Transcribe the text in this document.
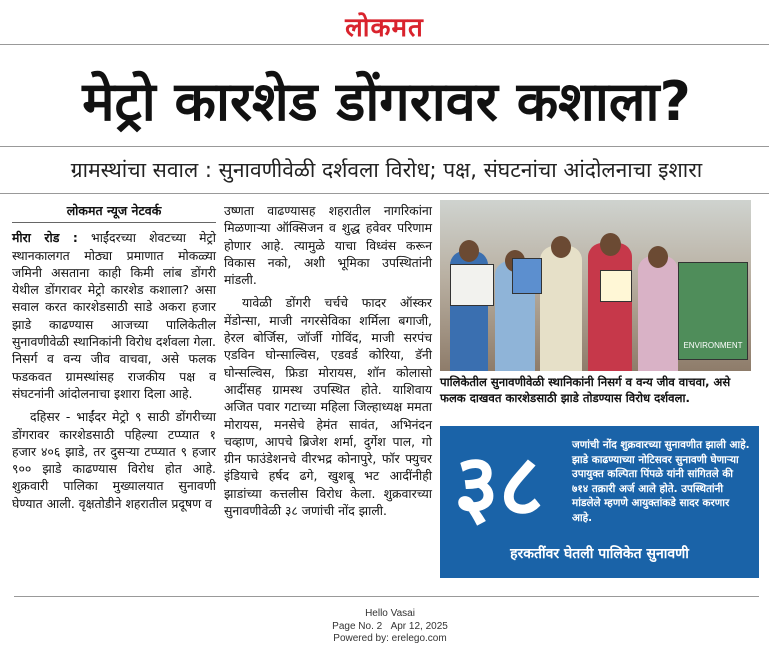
लोकमत
मेट्रो कारशेड डोंगरावर कशाला?
ग्रामस्थांचा सवाल : सुनावणीवेळी दर्शवला विरोध; पक्ष, संघटनांचा आंदोलनाचा इशारा
लोकमत न्यूज नेटवर्क

मीरा रोड : भाईंदरच्या शेवटच्या मेट्रो स्थानकालगत मोठ्या प्रमाणात मोकळ्या जमिनी असताना काही किमी लांब डोंगरी येथील डोंगरावर मेट्रो कारशेड कशाला? असा सवाल करत कारशेडसाठी साडे अकरा हजार झाडे काढण्यास आजच्या पालिकेतील सुनावणीवेळी स्थानिकांनी विरोध दर्शवला गेला. निसर्ग व वन्य जीव वाचवा, असे फलक फडकवत ग्रामस्थांसह राजकीय पक्ष व संघटनांनी आंदोलनाचा इशारा दिला आहे.

दहिसर - भाईंदर मेट्रो ९ साठी डोंगरीच्या डोंगरावर कारशेडसाठी पहिल्या टप्प्यात १ हजार ४०६ झाडे, तर दुसऱ्या टप्प्यात ९ हजार ९०० झाडे काढण्यास विरोध होत आहे. शुक्रवारी पालिका मुख्यालयात सुनावणी घेण्यात आली. वृक्षतोडीने शहरातील प्रदूषण व

उष्णता वाढण्यासह शहरातील नागरिकांना मिळणाऱ्या ऑक्सिजन व शुद्ध हवेवर परिणाम होणार आहे. त्यामुळे याचा विध्वंस करून विकास नको, अशी भूमिका उपस्थितांनी मांडली.

यावेळी डोंगरी चर्चचे फादर ऑस्कर मेंडोन्सा, माजी नगरसेविका शर्मिला बगाजी, हेरल बोर्जिस, जॉर्जी गोविंद, माजी सरपंच एडविन घोन्साल्विस, एडवर्ड कोरिया, डॅनी घोन्सल्विस, फ्रिडा मोरायस, शॉन कोलासो आदींसह ग्रामस्थ उपस्थित होते. याशिवाय अजित पवार गटाच्या महिला जिल्हाध्यक्ष ममता मोरायस, मनसेचे हेमंत सावंत, अभिनंदन चव्हाण, आपचे ब्रिजेश शर्मा, दुर्गेश पाल, गो ग्रीन फाउंडेशनचे वीरभद्र कोनापुरे, फॉर फ्युचर इंडियाचे हर्षद ढगे, खुशबू भट आदींनीही झाडांच्या कत्तलीस विरोध केला. शुक्रवारच्या सुनावणीवेळी ३८ जणांची नोंद झाली.

ENVIRONMENT
पालिकेतील सुनावणीवेळी स्थानिकांनी निसर्ग व वन्य जीव वाचवा, असे फलक दाखवत कारशेडसाठी झाडे तोडण्यास विरोध दर्शवला.
३८	जणांची नोंद शुक्रवारच्या सुनावणीत झाली आहे. झाडे काढण्याच्या नोटिसवर सुनावणी घेणाऱ्या उपायुक्त कल्पिता पिंपळे यांनी सांगितले की ७१४ तक्रारी अर्ज आले होते. उपस्थितांनी मांडलेले म्हणणे आयुक्तांकडे सादर करणार आहे.
हरकतींवर घेतली पालिकेत सुनावणी
Hello Vasai
Page No. 2 Apr 12, 2025
Powered by: erelego.com
